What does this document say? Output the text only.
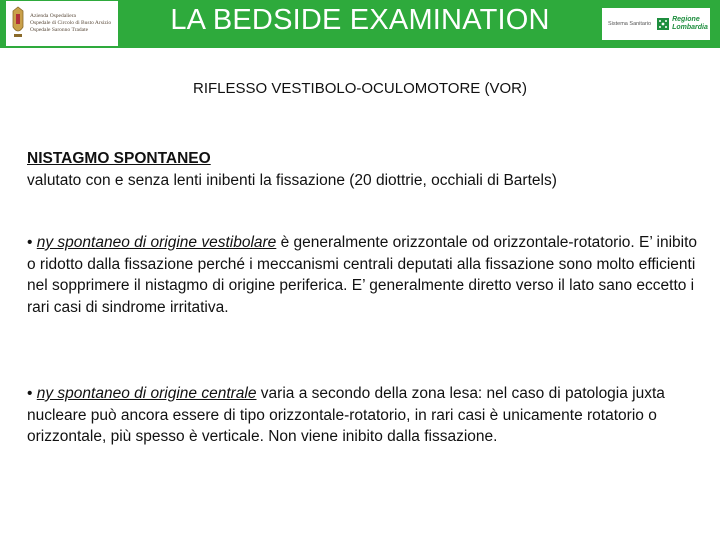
Azienda Ospedaliera
Ospedale di Circolo di Busto Arsizio
Ospedale Saronno Tradate	LA BEDSIDE EXAMINATION	Sistema Sanitario
Regione
Lombardia
RIFLESSO VESTIBOLO-OCULOMOTORE (VOR)
NISTAGMO SPONTANEO
valutato con e senza lenti inibenti la fissazione (20 diottrie, occhiali di Bartels)
• ny spontaneo di origine vestibolare è generalmente orizzontale od orizzontale-rotatorio. E’ inibito o ridotto dalla fissazione perché i meccanismi centrali deputati alla fissazione sono molto efficienti nel sopprimere il nistagmo di origine periferica. E’ generalmente diretto verso il lato sano eccetto i rari casi di sindrome irritativa.
• ny spontaneo di origine centrale varia a secondo della zona lesa: nel caso di patologia juxta nucleare può ancora essere di tipo orizzontale-rotatorio, in rari casi è unicamente rotatorio o orizzontale, più spesso è verticale. Non viene inibito dalla fissazione.
